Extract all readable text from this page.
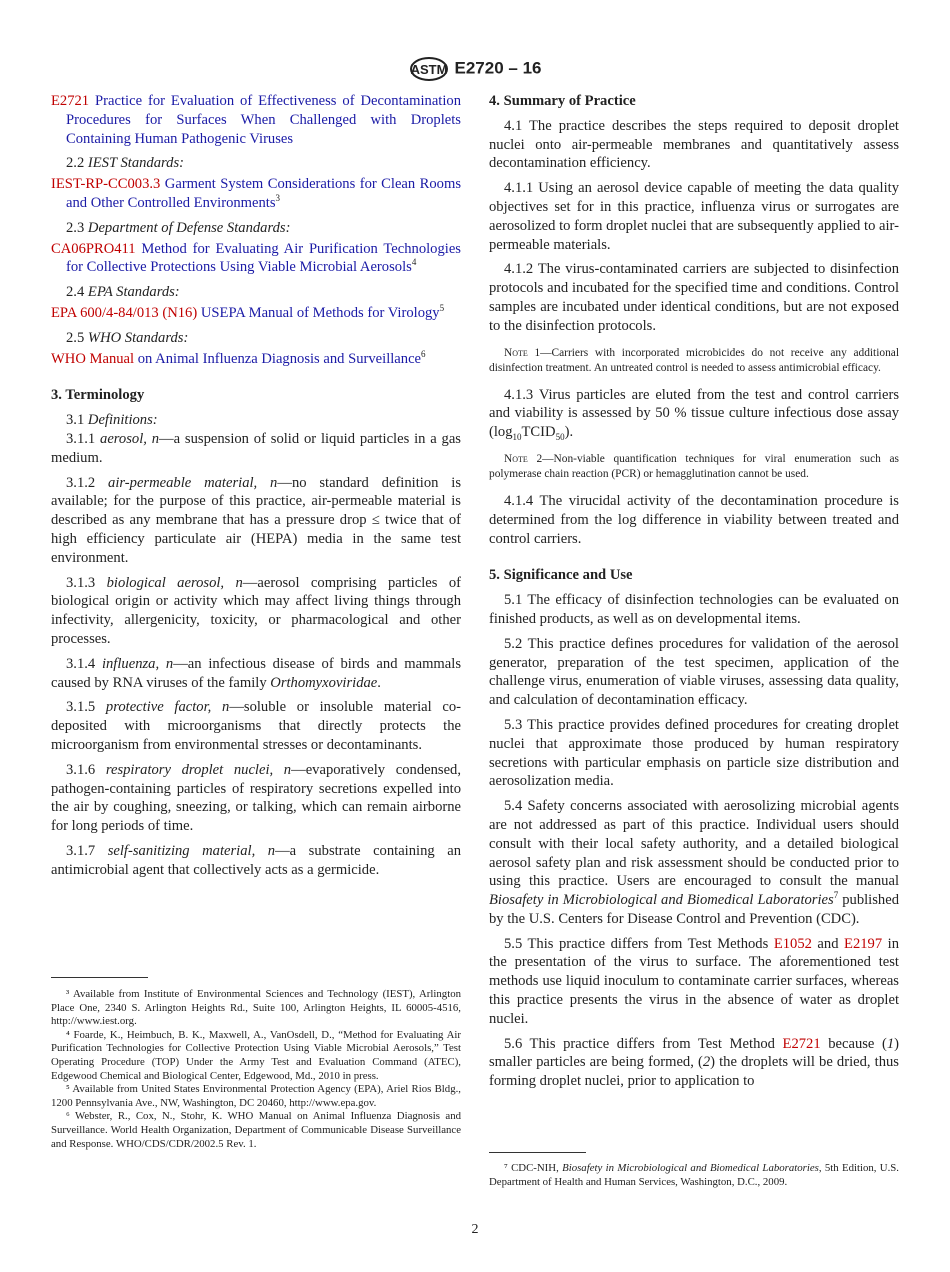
ASTM E2720 – 16

E2721 Practice for Evaluation of Effectiveness of Decontamination Procedures for Surfaces When Challenged with Droplets Containing Human Pathogenic Viruses

2.2 IEST Standards:

IEST-RP-CC003.3 Garment System Considerations for Clean Rooms and Other Controlled Environments$^3$

2.3 Department of Defense Standards:

CA06PRO411 Method for Evaluating Air Purification Technologies for Collective Protections Using Viable Microbial Aerosols$^4$

2.4 EPA Standards:

EPA 600/4-84/013 (N16) USEPA Manual of Methods for Virology$^5$

2.5 WHO Standards:

WHO Manual on Animal Influenza Diagnosis and Surveillance$^6$

3. Terminology

3.1 Definitions:

3.1.1 aerosol, n—a suspension of solid or liquid particles in a gas medium.

3.1.2 air-permeable material, n—no standard definition is available; for the purpose of this practice, air-permeable material is described as any membrane that has a pressure drop ≤ twice that of high efficiency particulate air (HEPA) media in the same test environment.

3.1.3 biological aerosol, n—aerosol comprising particles of biological origin or activity which may affect living things through infectivity, allergenicity, toxicity, or pharmacological and other processes.

3.1.4 influenza, n—an infectious disease of birds and mammals caused by RNA viruses of the family Orthomyxoviridae.

3.1.5 protective factor, n—soluble or insoluble material co-deposited with microorganisms that directly protects the microorganism from environmental stresses or decontaminants.

3.1.6 respiratory droplet nuclei, n—evaporatively condensed, pathogen-containing particles of respiratory secretions expelled into the air by coughing, sneezing, or talking, which can remain airborne for long periods of time.

3.1.7 self-sanitizing material, n—a substrate containing an antimicrobial agent that collectively acts as a germicide.

³ Available from Institute of Environmental Sciences and Technology (IEST), Arlington Place One, 2340 S. Arlington Heights Rd., Suite 100, Arlington Heights, IL 60005-4516, http://www.iest.org.

⁴ Foarde, K., Heimbuch, B. K., Maxwell, A., VanOsdell, D., “Method for Evaluating Air Purification Technologies for Collective Protection Using Viable Microbial Aerosols,” Test Operating Procedure (TOP) Under the Army Test and Evaluation Command (ATEC), Edgewood Chemical and Biological Center, Edgewood, Md., 2010 in press.

⁵ Available from United States Environmental Protection Agency (EPA), Ariel Rios Bldg., 1200 Pennsylvania Ave., NW, Washington, DC 20460, http://www.epa.gov.

⁶ Webster, R., Cox, N., Stohr, K. WHO Manual on Animal Influenza Diagnosis and Surveillance. World Health Organization, Department of Communicable Disease Surveillance and Response. WHO/CDS/CDR/2002.5 Rev. 1.

4. Summary of Practice

4.1 The practice describes the steps required to deposit droplet nuclei onto air-permeable membranes and quantitatively assess decontamination efficiency.

4.1.1 Using an aerosol device capable of meeting the data quality objectives set for in this practice, influenza virus or surrogates are aerosolized to form droplet nuclei that are subsequently applied to air-permeable materials.

4.1.2 The virus-contaminated carriers are subjected to disinfection protocols and incubated for the specified time and conditions. Control samples are incubated under identical conditions, but are not exposed to the disinfection protocols.

Note 1—Carriers with incorporated microbicides do not receive any additional disinfection treatment. An untreated control is needed to assess antimicrobial efficacy.

4.1.3 Virus particles are eluted from the test and control carriers and viability is assessed by 50 % tissue culture infectious dose assay $(\log_{10}TCID_{50})$.

Note 2—Non-viable quantification techniques for viral enumeration such as polymerase chain reaction (PCR) or hemagglutination cannot be used.

4.1.4 The virucidal activity of the decontamination procedure is determined from the log difference in viability between treated and control carriers.

5. Significance and Use

5.1 The efficacy of disinfection technologies can be evaluated on finished products, as well as on developmental items.

5.2 This practice defines procedures for validation of the aerosol generator, preparation of the test specimen, application of the challenge virus, enumeration of viable viruses, assessing data quality, and calculation of decontamination efficacy.

5.3 This practice provides defined procedures for creating droplet nuclei that approximate those produced by human respiratory secretions with particular emphasis on particle size distribution and aerosolization media.

5.4 Safety concerns associated with aerosolizing microbial agents are not addressed as part of this practice. Individual users should consult with their local safety authority, and a detailed biological aerosol safety plan and risk assessment should be conducted prior to using this practice. Users are encouraged to consult the manual Biosafety in Microbiological and Biomedical Laboratories$^7$ published by the U.S. Centers for Disease Control and Prevention (CDC).

5.5 This practice differs from Test Methods E1052 and E2197 in the presentation of the virus to surface. The aforementioned test methods use liquid inoculum to contaminate carrier surfaces, whereas this practice presents the virus in the absence of water as droplet nuclei.

5.6 This practice differs from Test Method E2721 because (1) smaller particles are being formed, (2) the droplets will be dried, thus forming droplet nuclei, prior to application to

⁷ CDC-NIH, Biosafety in Microbiological and Biomedical Laboratories, 5th Edition, U.S. Department of Health and Human Services, Washington, D.C., 2009.

2
